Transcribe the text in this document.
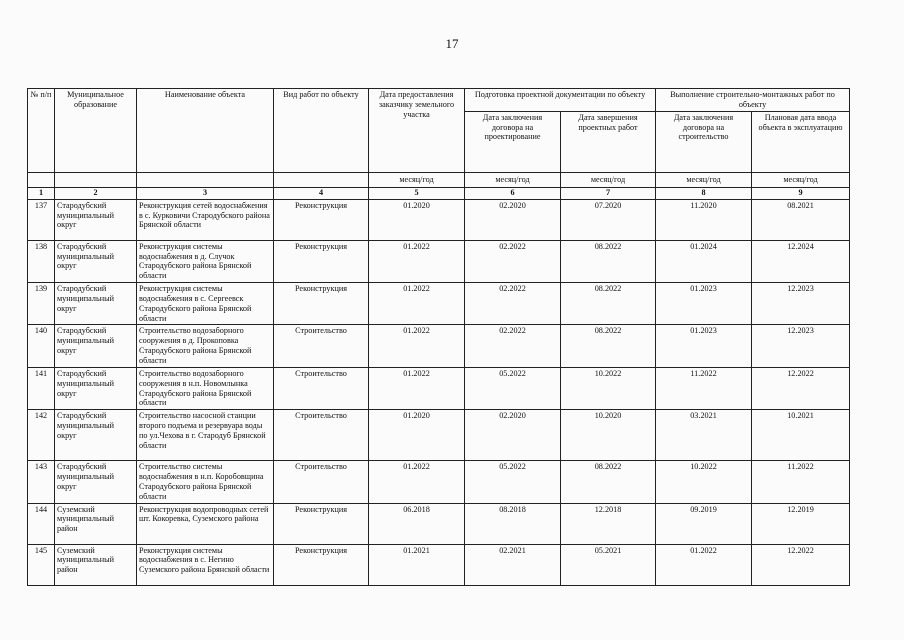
17
№ п/п	Муниципальное образование	Наименование объекта	Вид работ по объекту	Дата предоставления заказчику земельного участка	Подготовка проектной документации по объекту		Выполнение строительно-монтажных работ по объекту	
					Дата заключения договора на проектирование	Дата завершения проектных работ	Дата заключения договора на строительство	Плановая дата ввода объекта в эксплуатацию
				месяц/год	месяц/год	месяц/год	месяц/год	месяц/год
1	2	3	4	5	6	7	8	9
137	Стародубский муниципальный округ	Реконструкция сетей водоснабжения в с. Курковичи Стародубского района Брянской области	Реконструкция	01.2020	02.2020	07.2020	11.2020	08.2021
138	Стародубский муниципальный округ	Реконструкция системы водоснабжения в д. Случок Стародубского района Брянской области	Реконструкция	01.2022	02.2022	08.2022	01.2024	12.2024
139	Стародубский муниципальный округ	Реконструкция системы водоснабжения в с. Сергеевск Стародубского района Брянской области	Реконструкция	01.2022	02.2022	08.2022	01.2023	12.2023
140	Стародубский муниципальный округ	Строительство водозаборного сооружения в д. Прокоповка Стародубского района Брянской области	Строительство	01.2022	02.2022	08.2022	01.2023	12.2023
141	Стародубский муниципальный округ	Строительство водозаборного сооружения в н.п. Новомлынка Стародубского района Брянской области	Строительство	01.2022	05.2022	10.2022	11.2022	12.2022
142	Стародубский муниципальный округ	Строительство насосной станции второго подъема и резервуара воды по ул.Чехова в г. Стародуб Брянской области	Строительство	01.2020	02.2020	10.2020	03.2021	10.2021
143	Стародубский муниципальный округ	Строительство системы водоснабжения в н.п. Коробовщина Стародубского района Брянской области	Строительство	01.2022	05.2022	08.2022	10.2022	11.2022
144	Суземский муниципальный район	Реконструкция водопроводных сетей шт. Кокоревка, Суземского района	Реконструкция	06.2018	08.2018	12.2018	09.2019	12.2019
145	Суземский муниципальный район	Реконструкция системы водоснабжения в с. Негино Суземского района Брянской области	Реконструкция	01.2021	02.2021	05.2021	01.2022	12.2022
